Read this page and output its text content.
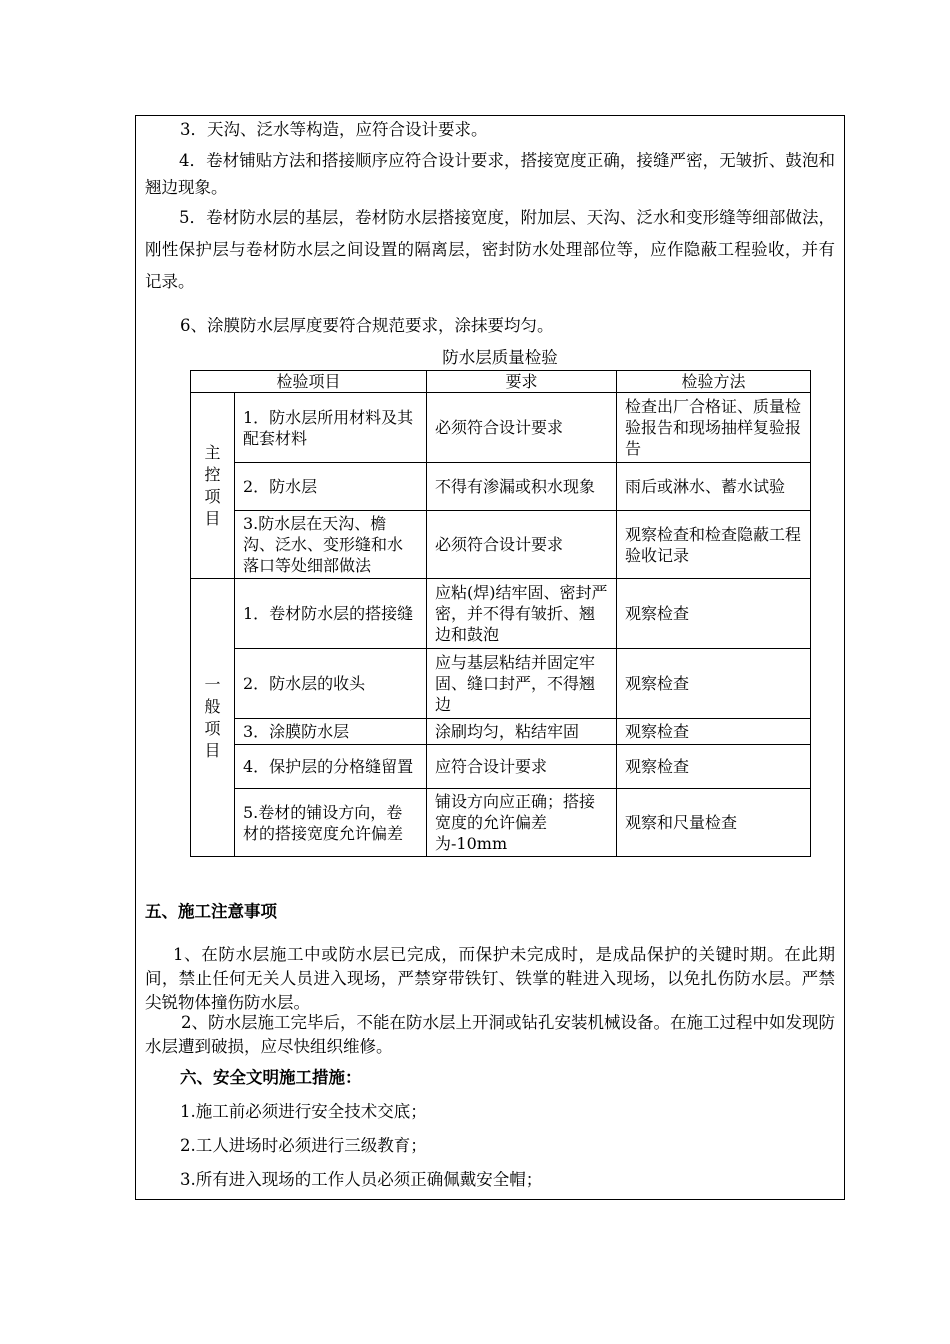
3．天沟、泛水等构造，应符合设计要求。

4．卷材铺贴方法和搭接顺序应符合设计要求，搭接宽度正确，接缝严密，无皱折、鼓泡和翘边现象。

5．卷材防水层的基层，卷材防水层搭接宽度，附加层、天沟、泛水和变形缝等细部做法，刚性保护层与卷材防水层之间设置的隔离层，密封防水处理部位等，应作隐蔽工程验收，并有记录。

6、涂膜防水层厚度要符合规范要求，涂抹要均匀。

防水层质量检验
检验项目		要求	检验方法
主控项目	1．防水层所用材料及其配套材料	必须符合设计要求	检查出厂合格证、质量检验报告和现场抽样复验报告
	2．防水层	不得有渗漏或积水现象	雨后或淋水、蓄水试验
	3.防水层在天沟、檐沟、泛水、变形缝和水落口等处细部做法	必须符合设计要求	观察检查和检查隐蔽工程验收记录
一般项目	1．卷材防水层的搭接缝	应粘(焊)结牢固、密封严密，并不得有皱折、翘边和鼓泡	观察检查
	2．防水层的收头	应与基层粘结并固定牢固、缝口封严，不得翘边	观察检查
	3．涂膜防水层	涂刷均匀，粘结牢固	观察检查
	4．保护层的分格缝留置	应符合设计要求	观察检查
	5.卷材的铺设方向，卷材的搭接宽度允许偏差	铺设方向应正确；搭接宽度的允许偏差为-10mm	观察和尺量检查

五、施工注意事项

1、在防水层施工中或防水层已完成，而保护未完成时，是成品保护的关键时期。在此期间，禁止任何无关人员进入现场，严禁穿带铁钉、铁掌的鞋进入现场，以免扎伤防水层。严禁尖锐物体撞伤防水层。

2、防水层施工完毕后，不能在防水层上开洞或钻孔安装机械设备。在施工过程中如发现防水层遭到破损，应尽快组织维修。

六、安全文明施工措施：

1.施工前必须进行安全技术交底；

2.工人进场时必须进行三级教育；

3.所有进入现场的工作人员必须正确佩戴安全帽；
